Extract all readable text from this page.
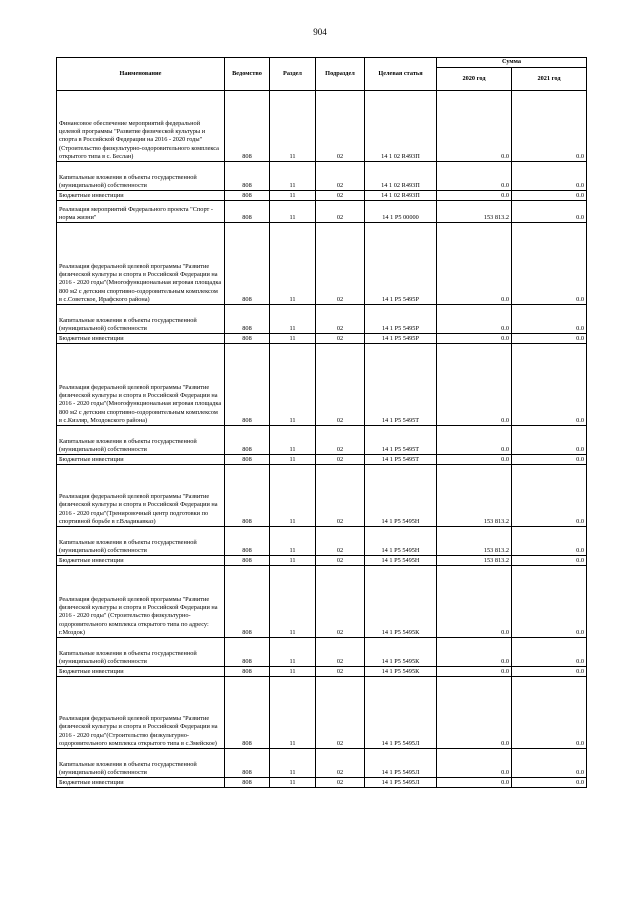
904
Наименование	Ведомство	Раздел	Подраздел	Целевая статья	Сумма	
					2020 год	2021 год
Финансовое обеспечение мероприятий федеральной целевой программы "Развитие физической культуры и спорта в Российской Федерации на 2016 - 2020 годы" (Строительство физкультурно-оздоровительного комплекса открытого типа в с. Беслан)	808	11	02	14 1 02 R493П	0.0	0.0
Капитальные вложения в объекты государственной (муниципальной) собственности	808	11	02	14 1 02 R493П	0.0	0.0
Бюджетные инвестиции	808	11	02	14 1 02 R493П	0.0	0.0
Реализация мероприятий Федерального проекта "Спорт - норма жизни"	808	11	02	14 1 Р5 00000	153 813.2	0.0
Реализация федеральной целевой программы "Развитие физической культуры и спорта в Российской Федерации на 2016 - 2020 годы"(Многофункциональная игровая площадка 800 м2 с детским спортивно-оздоровительным комплексом в с.Советское, Ирафского района)	808	11	02	14 1 Р5 5495Р	0.0	0.0
Капитальные вложения в объекты государственной (муниципальной) собственности	808	11	02	14 1 Р5 5495Р	0.0	0.0
Бюджетные инвестиции	808	11	02	14 1 Р5 5495Р	0.0	0.0
Реализация федеральной целевой программы "Развитие физической культуры и спорта в Российской Федерации на 2016 - 2020 годы"(Многофункциональная игровая площадка 800 м2 с детским спортивно-оздоровительным комплексом в с.Кизляр, Моздокского района)	808	11	02	14 1 Р5 5495Т	0.0	0.0
Капитальные вложения в объекты государственной (муниципальной) собственности	808	11	02	14 1 Р5 5495Т	0.0	0.0
Бюджетные инвестиции	808	11	02	14 1 Р5 5495Т	0.0	0.0
Реализация федеральной целевой программы "Развитие физической культуры и спорта в Российской Федерации на 2016 - 2020 годы"(Тренировочный центр подготовки по спортивной борьбе в г.Владикавказ)	808	11	02	14 1 Р5 5495Н	153 813.2	0.0
Капитальные вложения в объекты государственной (муниципальной) собственности	808	11	02	14 1 Р5 5495Н	153 813.2	0.0
Бюджетные инвестиции	808	11	02	14 1 Р5 5495Н	153 813.2	0.0
Реализация федеральной целевой программы "Развитие физической культуры и спорта в Российской Федерации на 2016 - 2020 годы" (Строительство физкультурно-оздоровительного комплекса открытого типа по адресу: г.Моздок)	808	11	02	14 1 Р5 5495К	0.0	0.0
Капитальные вложения в объекты государственной (муниципальной) собственности	808	11	02	14 1 Р5 5495К	0.0	0.0
Бюджетные инвестиции	808	11	02	14 1 Р5 5495К	0.0	0.0
Реализация федеральной целевой программы "Развитие физической культуры и спорта в Российской Федерации на 2016 - 2020 годы"(Строительство физкультурно-оздоровительного комплекса открытого типа в с.Змейское)	808	11	02	14 1 Р5 5495Л	0.0	0.0
Капитальные вложения в объекты государственной (муниципальной) собственности	808	11	02	14 1 Р5 5495Л	0.0	0.0
Бюджетные инвестиции	808	11	02	14 1 Р5 5495Л	0.0	0.0
